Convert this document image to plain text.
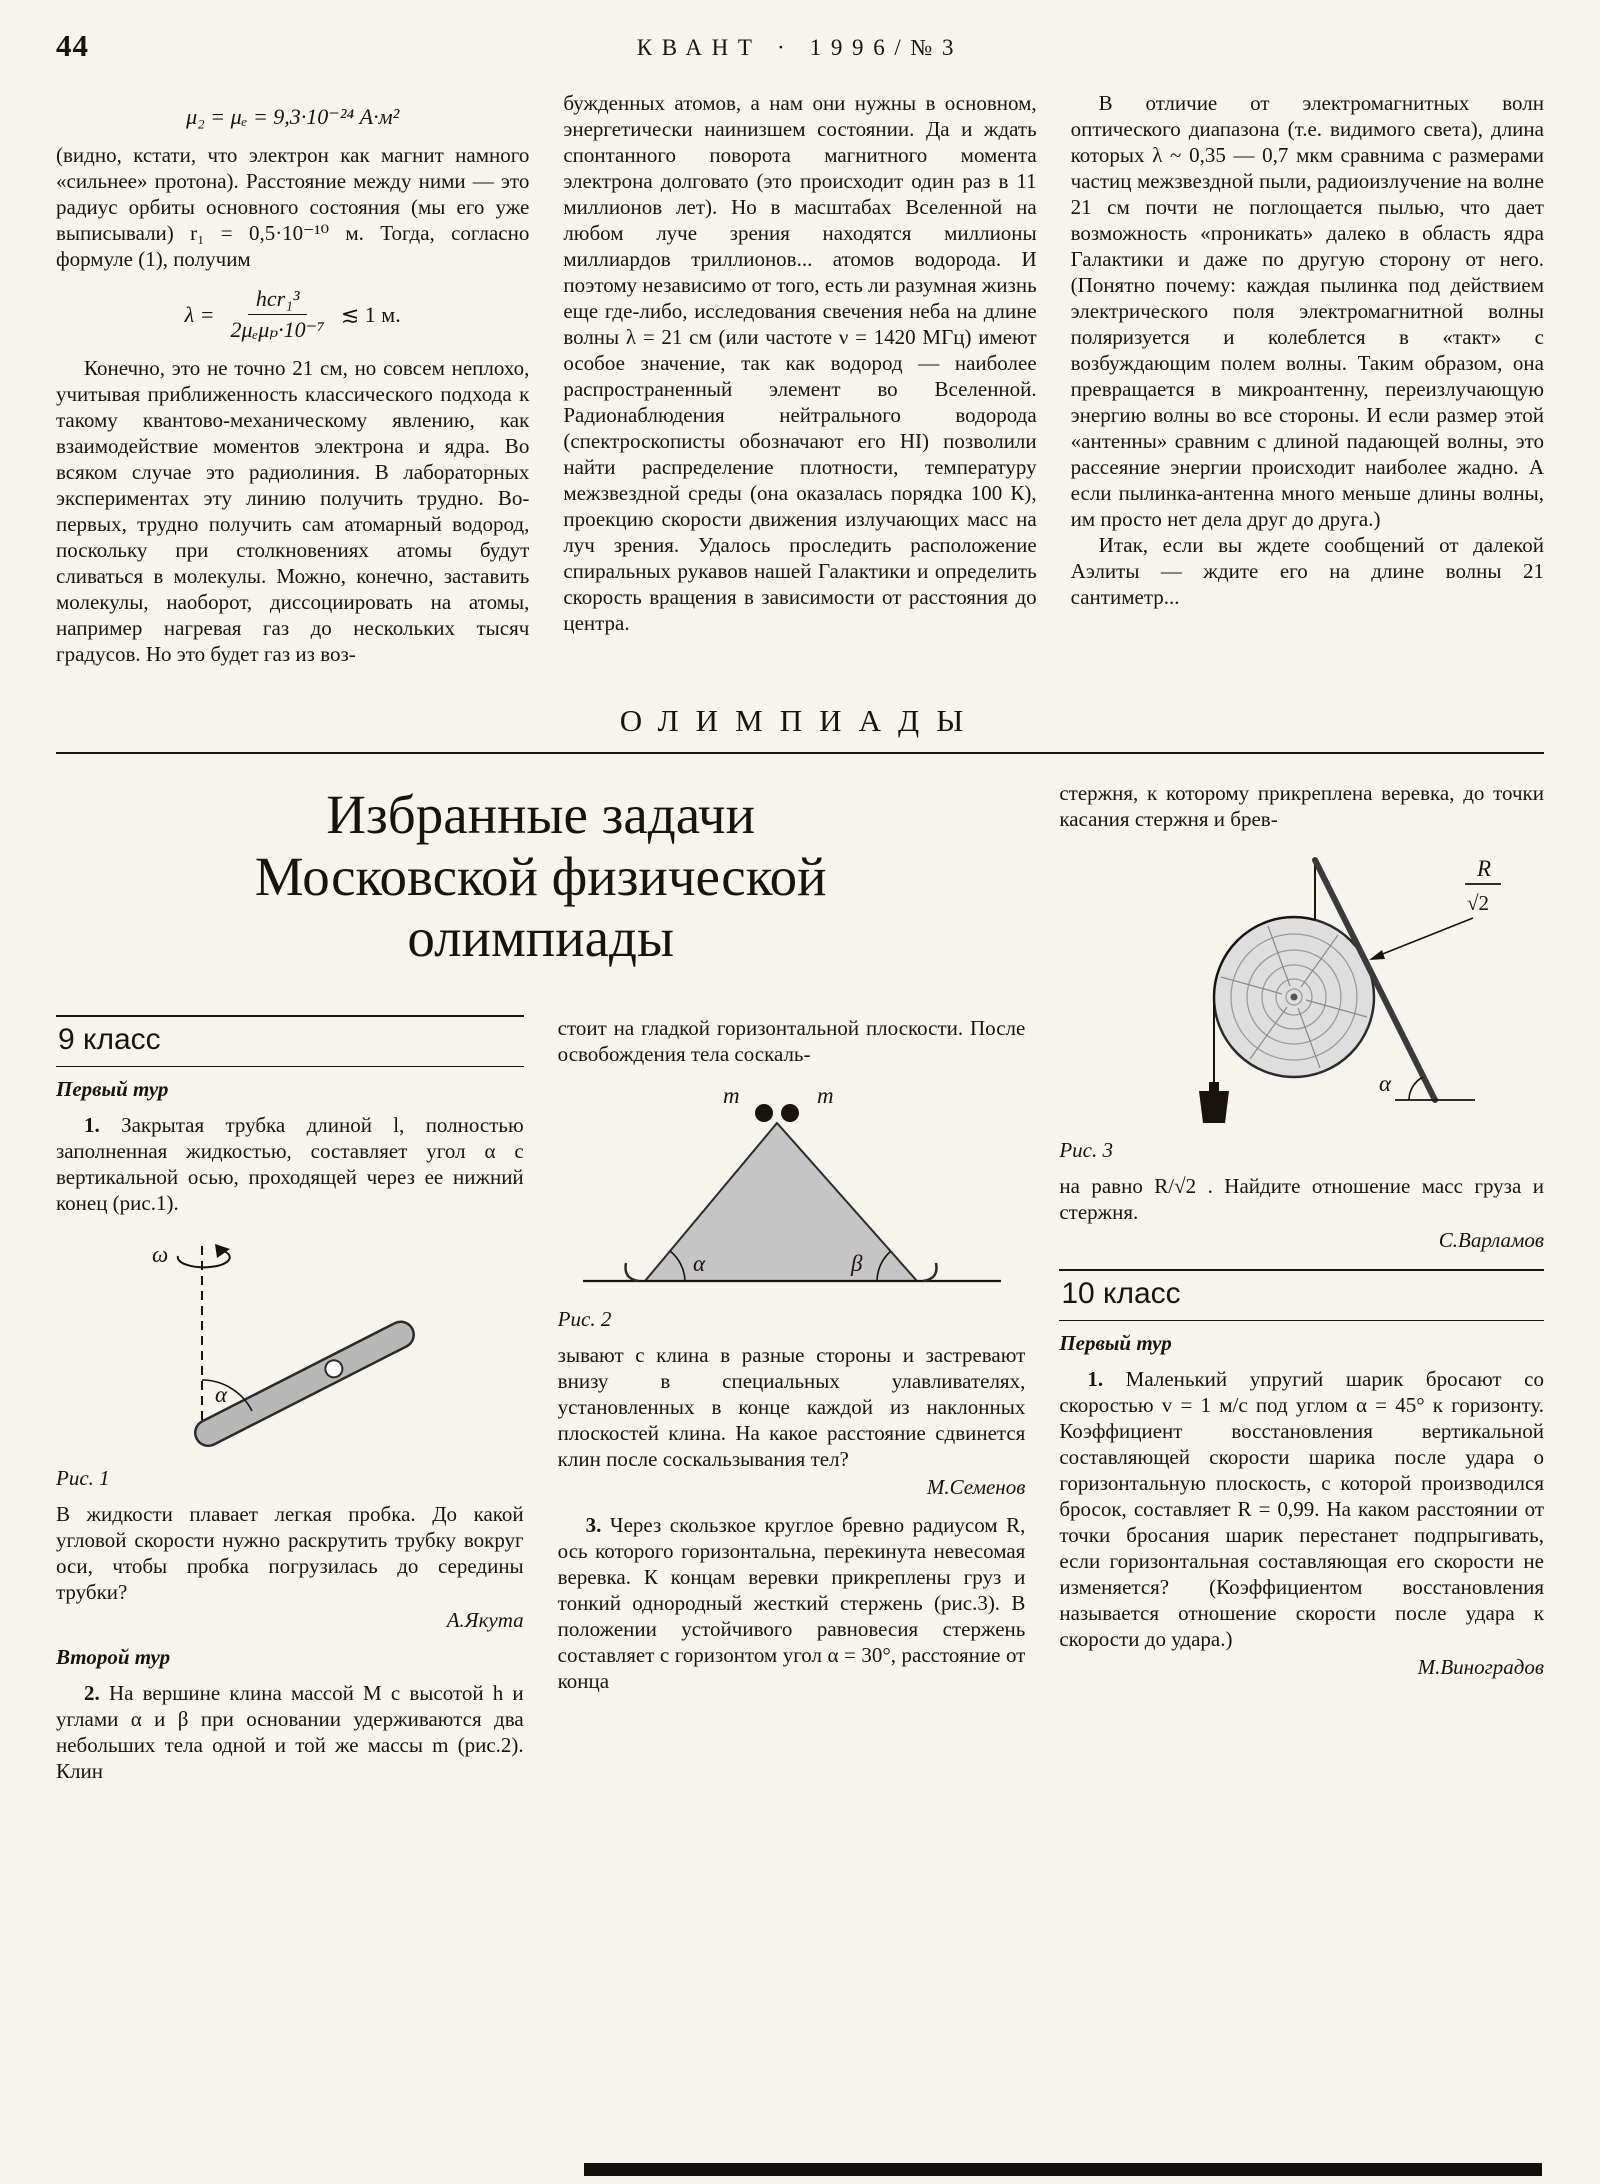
44	КВАНТ · 1996/№3
μ₂ = μₑ = 9,3·10⁻²⁴ А·м²

(видно, кстати, что электрон как магнит намного «сильнее» протона). Расстояние между ними — это радиус орбиты основного состояния (мы его уже выписывали) r₁ = 0,5·10⁻¹⁰ м. Тогда, согласно формуле (1), получим

$\lambda = \frac{\text{hcr₁³}}{\text{2μₑμₚ·10⁻⁷}}$ ≲ 1 м.

Конечно, это не точно 21 см, но совсем неплохо, учитывая приближенность классического подхода к такому квантово-механическому явлению, как взаимодействие моментов электрона и ядра. Во всяком случае это радиолиния. В лабораторных экспериментах эту линию получить трудно. Во-первых, трудно получить сам атомарный водород, поскольку при столкновениях атомы будут сливаться в молекулы. Можно, конечно, заставить молекулы, наоборот, диссоциировать на атомы, например нагревая газ до нескольких тысяч градусов. Но это будет газ из воз-

бужденных атомов, а нам они нужны в основном, энергетически наинизшем состоянии. Да и ждать спонтанного поворота магнитного момента электрона долговато (это происходит один раз в 11 миллионов лет). Но в масштабах Вселенной на любом луче зрения находятся миллионы миллиардов триллионов... атомов водорода. И поэтому независимо от того, есть ли разумная жизнь еще где-либо, исследования свечения неба на длине волны λ = 21 см (или частоте ν = 1420 МГц) имеют особое значение, так как водород — наиболее распространенный элемент во Вселенной. Радионаблюдения нейтрального водорода (спектроскописты обозначают его HI) позволили найти распределение плотности, температуру межзвездной среды (она оказалась порядка 100 К), проекцию скорости движения излучающих масс на луч зрения. Удалось проследить расположение спиральных рукавов нашей Галактики и определить скорость вращения в зависимости от расстояния до центра.

В отличие от электромагнитных волн оптического диапазона (т.е. видимого света), длина которых λ ~ 0,35 — 0,7 мкм сравнима с размерами частиц межзвездной пыли, радиоизлучение на волне 21 см почти не поглощается пылью, что дает возможность «проникать» далеко в область ядра Галактики и даже по другую сторону от него. (Понятно почему: каждая пылинка под действием электрического поля электромагнитной волны поляризуется и колеблется в «такт» с возбуждающим полем волны. Таким образом, она превращается в микроантенну, переизлучающую энергию волны во все стороны. И если размер этой «антенны» сравним с длиной падающей волны, это рассеяние энергии происходит наиболее жадно. А если пылинка-антенна много меньше длины волны, им просто нет дела друг до друга.)

Итак, если вы ждете сообщений от далекой Аэлиты — ждите его на длине волны 21 сантиметр...

ОЛИМПИАДЫ
Избранные задачи
Московской физической
олимпиады
9 класс
Первый тур

1. Закрытая трубка длиной l, полностью заполненная жидкостью, составляет угол α с вертикальной осью, проходящей через ее нижний конец (рис.1).

ω
α
Рис. 1

В жидкости плавает легкая пробка. До какой угловой скорости нужно раскрутить трубку вокруг оси, чтобы пробка погрузилась до середины трубки?

А.Якута
Второй тур

2. На вершине клина массой M с высотой h и углами α и β при основании удерживаются два небольших тела одной и той же массы m (рис.2). Клин

стоит на гладкой горизонтальной плоскости. После освобождения тела соскаль-

m	m
α	β
Рис. 2

зывают с клина в разные стороны и застревают внизу в специальных улавливателях, установленных в конце каждой из наклонных плоскостей клина. На какое расстояние сдвинется клин после соскальзывания тел?

М.Семенов

3. Через скользкое круглое бревно радиусом R, ось которого горизонтальна, перекинута невесомая веревка. К концам веревки прикреплены груз и тонкий однородный жесткий стержень (рис.3). В положении устойчивого равновесия стержень составляет с горизонтом угол α = 30°, расстояние от конца

стержня, к которому прикреплена веревка, до точки касания стержня и брев-

α
R
√2
Рис. 3

на равно R/√2 . Найдите отношение масс груза и стержня.

С.Варламов
10 класс
Первый тур

1. Маленький упругий шарик бросают со скоростью v = 1 м/с под углом α = 45° к горизонту. Коэффициент восстановления вертикальной составляющей скорости шарика после удара о горизонтальную плоскость, с которой производился бросок, составляет R = 0,99. На каком расстоянии от точки бросания шарик перестанет подпрыгивать, если горизонтальная составляющая его скорости не изменяется? (Коэффициентом восстановления называется отношение скорости после удара к скорости до удара.)

М.Виноградов
